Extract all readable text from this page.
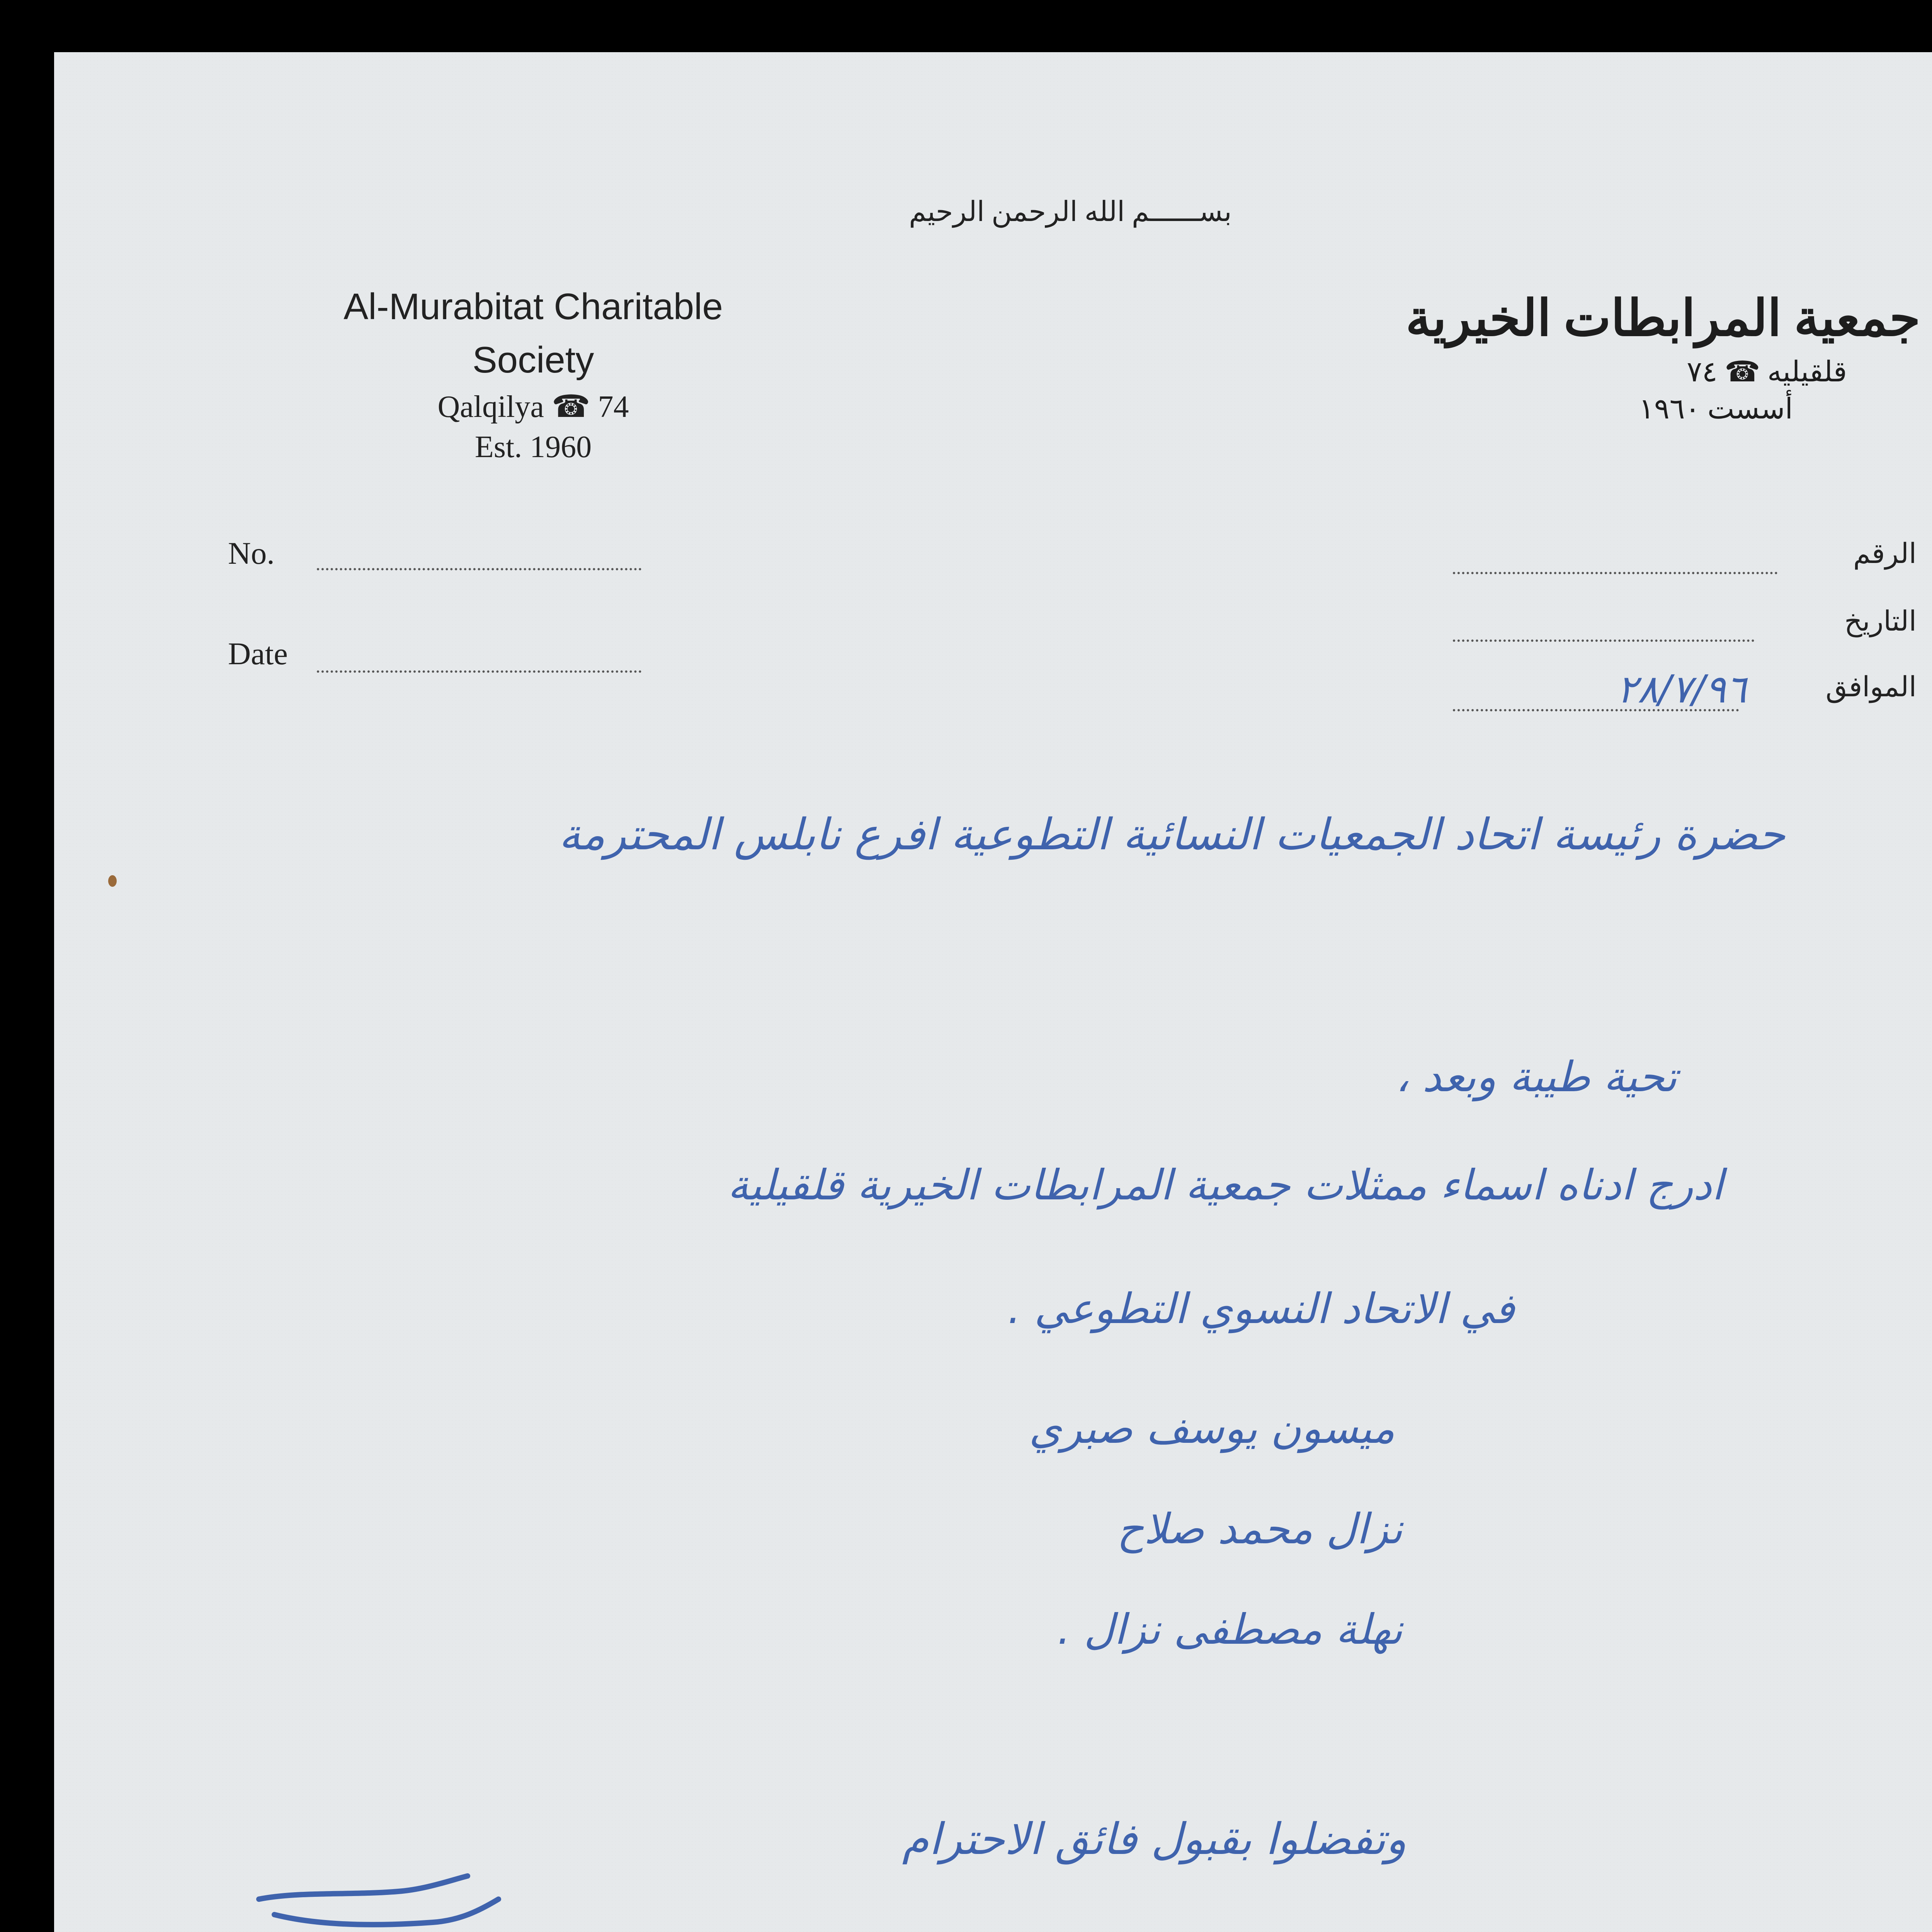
بســــــم الله الرحمن الرحيم
Al-Murabitat Charitable
Society
Qalqilya ☎ 74
Est. 1960
جمعية المرابطات الخيرية
قلقيليه ☎ ٧٤
أسست ١٩٦٠
No.
Date
الرقم
التاريخ
الموافق
٢٨/٧/٩٦
حضرة رئيسة اتحاد الجمعيات النسائية التطوعية افرع نابلس المحترمة
تحية طيبة وبعد ،
ادرج ادناه اسماء ممثلات جمعية المرابطات الخيرية قلقيلية
في الاتحاد النسوي التطوعي .
ميسون يوسف صبري
نزال محمد صلاح
نهلة مصطفى نزال .
وتفضلوا بقبول فائق الاحترام
